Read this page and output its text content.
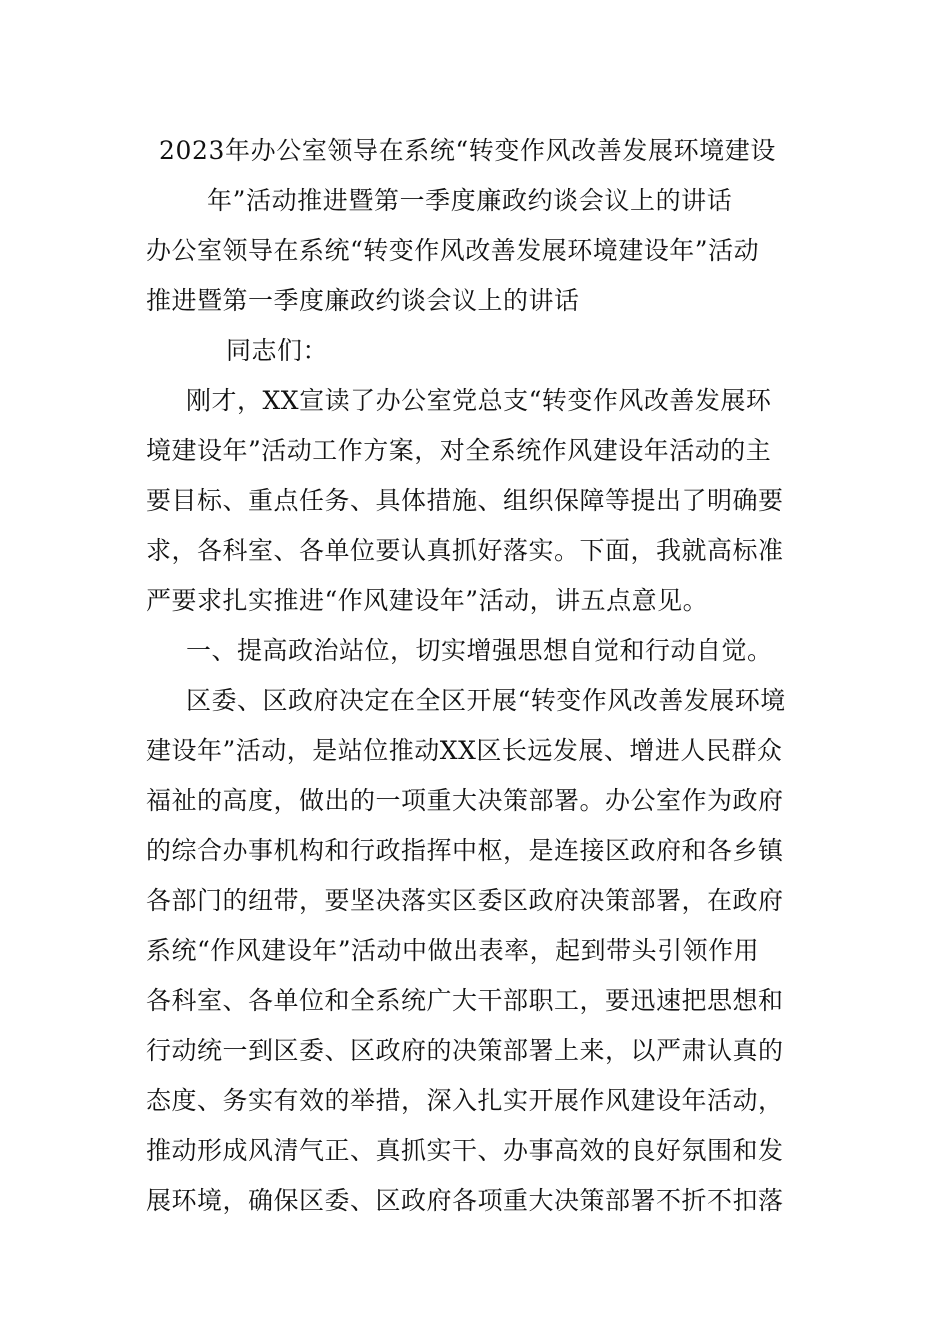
2023年办公室领导在系统“转变作风改善发展环境建设
年”活动推进暨第一季度廉政约谈会议上的讲话
办公室领导在系统“转变作风改善发展环境建设年”活动
推进暨第一季度廉政约谈会议上的讲话
同志们：
刚才，XX宣读了办公室党总支“转变作风改善发展环
境建设年”活动工作方案，对全系统作风建设年活动的主
要目标、重点任务、具体措施、组织保障等提出了明确要
求，各科室、各单位要认真抓好落实。下面，我就高标准
严要求扎实推进“作风建设年”活动，讲五点意见。
一、提高政治站位，切实增强思想自觉和行动自觉。
区委、区政府决定在全区开展“转变作风改善发展环境
建设年”活动，是站位推动XX区长远发展、增进人民群众
福祉的高度，做出的一项重大决策部署。办公室作为政府
的综合办事机构和行政指挥中枢，是连接区政府和各乡镇
各部门的纽带，要坚决落实区委区政府决策部署，在政府
系统“作风建设年”活动中做出表率，起到带头引领作用
各科室、各单位和全系统广大干部职工，要迅速把思想和
行动统一到区委、区政府的决策部署上来，以严肃认真的
态度、务实有效的举措，深入扎实开展作风建设年活动，
推动形成风清气正、真抓实干、办事高效的良好氛围和发
展环境，确保区委、区政府各项重大决策部署不折不扣落
